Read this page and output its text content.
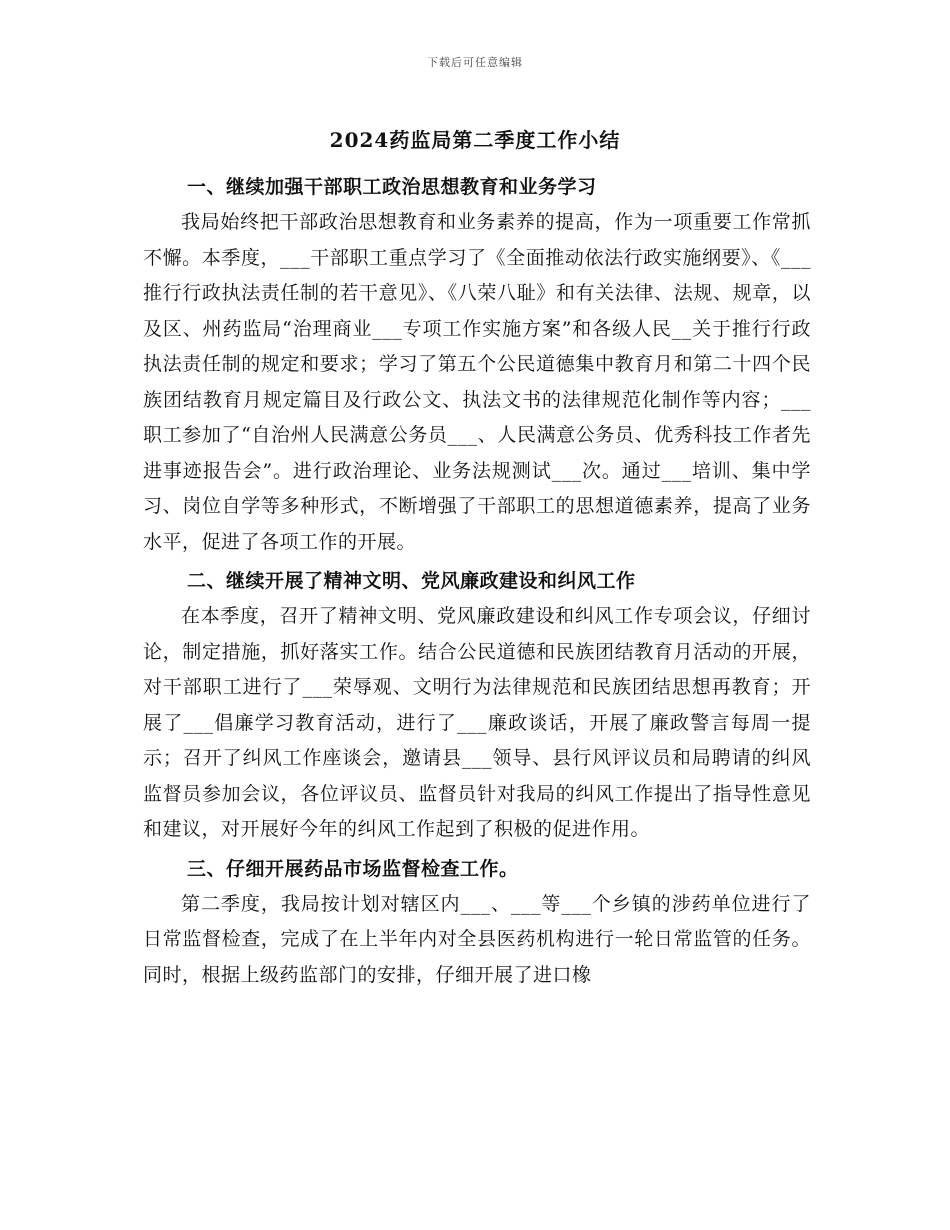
下载后可任意编辑
2024药监局第二季度工作小结
一、继续加强干部职工政治思想教育和业务学习

我局始终把干部政治思想教育和业务素养的提高，作为一项重要工作常抓不懈。本季度，___干部职工重点学习了《全面推动依法行政实施纲要》、《___推行行政执法责任制的若干意见》、《八荣八耻》和有关法律、法规、规章，以及区、州药监局“治理商业___专项工作实施方案”和各级人民__关于推行行政执法责任制的规定和要求；学习了第五个公民道德集中教育月和第二十四个民族团结教育月规定篇目及行政公文、执法文书的法律规范化制作等内容；___职工参加了“自治州人民满意公务员___、人民满意公务员、优秀科技工作者先进事迹报告会”。进行政治理论、业务法规测试___次。通过___培训、集中学习、岗位自学等多种形式，不断增强了干部职工的思想道德素养，提高了业务水平，促进了各项工作的开展。

二、继续开展了精神文明、党风廉政建设和纠风工作

在本季度，召开了精神文明、党风廉政建设和纠风工作专项会议，仔细讨论，制定措施，抓好落实工作。结合公民道德和民族团结教育月活动的开展，对干部职工进行了___荣辱观、文明行为法律规范和民族团结思想再教育；开展了___倡廉学习教育活动，进行了___廉政谈话，开展了廉政警言每周一提示；召开了纠风工作座谈会，邀请县___领导、县行风评议员和局聘请的纠风监督员参加会议，各位评议员、监督员针对我局的纠风工作提出了指导性意见和建议，对开展好今年的纠风工作起到了积极的促进作用。

三、仔细开展药品市场监督检查工作。

第二季度，我局按计划对辖区内___、___等___个乡镇的涉药单位进行了日常监督检查，完成了在上半年内对全县医药机构进行一轮日常监管的任务。同时，根据上级药监部门的安排，仔细开展了进口橡
